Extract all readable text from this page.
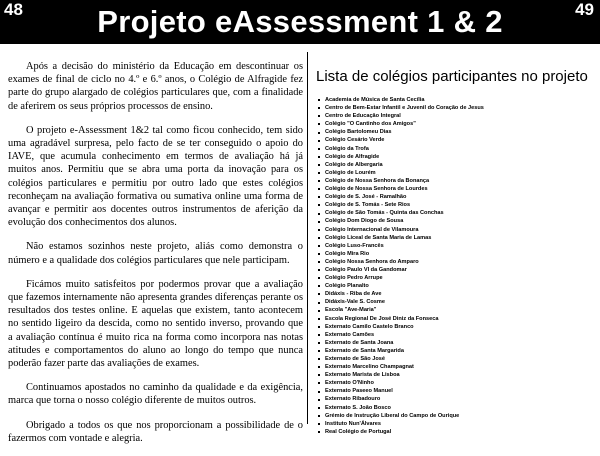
48	49
Projeto eAssessment 1 & 2

Após a decisão do ministério da Educação em descontinuar os exames de final de ciclo no 4.º e 6.º anos, o Colégio de Alfragide fez parte do grupo alargado de colégios particulares que, com a finalidade de aferirem os seus próprios processos de ensino.

O projeto e-Assessment 1&2 tal como ficou conhecido, tem sido uma agradável surpresa, pelo facto de se ter conseguido o apoio do IAVE, que acumula conhecimento em termos de avaliação há já muitos anos. Permitiu que se abra uma porta da inovação para os colégios particulares e permitiu por outro lado que estes colégios reconheçam na avaliação formativa ou sumativa online uma forma de avançar e permitir aos docentes outros instrumentos de aferição da evolução dos conhecimentos dos alunos.

Não estamos sozinhos neste projeto, aliás como demonstra o número e a qualidade dos colégios particulares que nele participam.

Ficámos muito satisfeitos por podermos provar que a avaliação que fazemos internamente não apresenta grandes diferenças perante os resultados dos testes online. E aquelas que existem, tanto acontecem no sentido ligeiro da descida, como no sentido inverso, provando que a avaliação contínua é muito rica na forma como incorpora nas notas atitudes e comportamentos do aluno ao longo do tempo que nunca poderão fazer parte das avaliações de exames.

Continuamos apostados no caminho da qualidade e da exigência, marca que torna o nosso colégio diferente de muitos outros.

Obrigado a todos os que nos proporcionam a possibilidade de o fazermos com vontade e alegria.

Lista de colégios participantes no projeto
Academia de Música de Santa Cecília
Centro de Bem-Estar Infantil e Juvenil do Coração de Jesus
Centro de Educação Integral
Colégio "O Cantinho dos Amigos"
Colégio Bartolomeu Dias
Colégio Cesário Verde
Colégio da Trofa
Colégio de Alfragide
Colégio de Albergaria
Colégio de Lourém
Colégio de Nossa Senhora da Bonança
Colégio de Nossa Senhora de Lourdes
Colégio de S. José - Ramalhão
Colégio de S. Tomás - Sete Rios
Colégio de São Tomás - Quinta das Conchas
Colégio Dom Diogo de Sousa
Colégio Internacional de Vilamoura
Colégio Liceal de Santa Maria de Lamas
Colégio Luso-Francês
Colégio Mira Rio
Colégio Nossa Senhora do Amparo
Colégio Paulo VI da Gandomar
Colégio Pedro Arrupe
Colégio Planalto
Didáxis - Riba de Ave
Didáxis-Vale S. Cosme
Escola "Ave-Maria"
Escola Regional De José Diniz da Fonseca
Externato Camilo Castelo Branco
Externato Camões
Externato de Santa Joana
Externato de Santa Margarida
Externato de São José
Externato Marcelino Champagnat
Externato Marista de Lisboa
Externato O'Ninho
Externato Paseeo Manuel
Externato Ribadouro
Externato S. João Bosco
Grémio de Instrução Liberal do Campo de Ourique
Instituto Nun'Álvares
Real Colégio de Portugal
